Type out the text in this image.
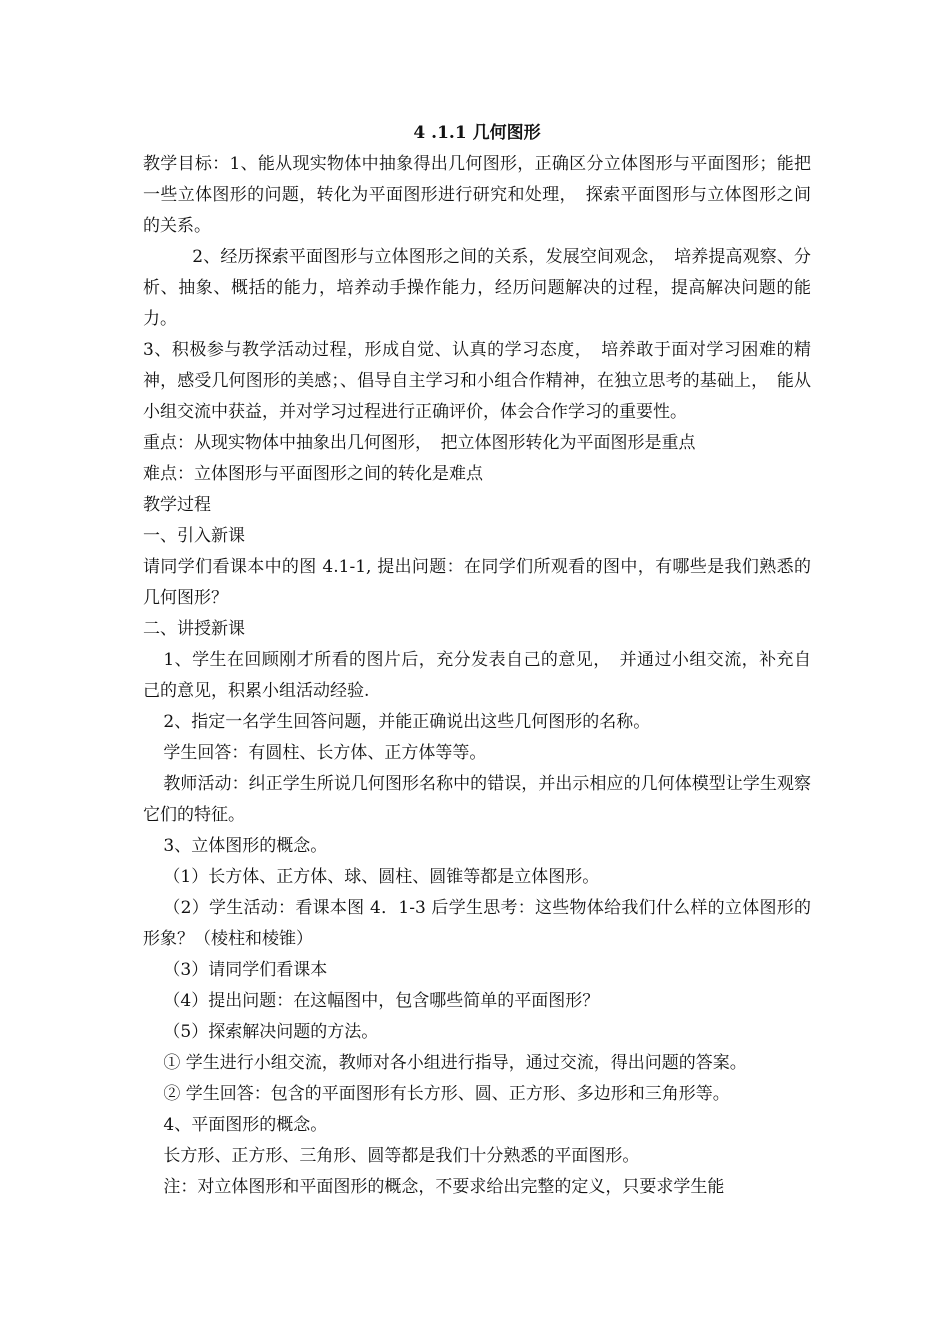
4 .1.1 几何图形

教学目标：1、能从现实物体中抽象得出几何图形，正确区分立体图形与平面图形；能把一些立体图形的问题，转化为平面图形进行研究和处理，　探索平面图形与立体图形之间的关系。

2、经历探索平面图形与立体图形之间的关系，发展空间观念，　培养提高观察、分析、抽象、概括的能力，培养动手操作能力，经历问题解决的过程，提高解决问题的能力。

3、积极参与教学活动过程，形成自觉、认真的学习态度，　培养敢于面对学习困难的精神，感受几何图形的美感；、倡导自主学习和小组合作精神，在独立思考的基础上，　能从小组交流中获益，并对学习过程进行正确评价，体会合作学习的重要性。

重点：从现实物体中抽象出几何图形，　把立体图形转化为平面图形是重点

难点：立体图形与平面图形之间的转化是难点

教学过程

一、引入新课

请同学们看课本中的图 4.1-1, 提出问题：在同学们所观看的图中，有哪些是我们熟悉的几何图形？

二、讲授新课

1、学生在回顾刚才所看的图片后，充分发表自己的意见，　并通过小组交流，补充自己的意见，积累小组活动经验.

2、指定一名学生回答问题，并能正确说出这些几何图形的名称。

学生回答：有圆柱、长方体、正方体等等。

教师活动：纠正学生所说几何图形名称中的错误，并出示相应的几何体模型让学生观察它们的特征。

3、立体图形的概念。

（1）长方体、正方体、球、圆柱、圆锥等都是立体图形。

（2）学生活动：看课本图 4．1-3 后学生思考：这些物体给我们什么样的立体图形的形象？（棱柱和棱锥）

（3）请同学们看课本

（4）提出问题：在这幅图中，包含哪些简单的平面图形？

（5）探索解决问题的方法。

① 学生进行小组交流，教师对各小组进行指导，通过交流，得出问题的答案。

② 学生回答：包含的平面图形有长方形、圆、正方形、多边形和三角形等。

4、平面图形的概念。

长方形、正方形、三角形、圆等都是我们十分熟悉的平面图形。

注：对立体图形和平面图形的概念，不要求给出完整的定义，只要求学生能
